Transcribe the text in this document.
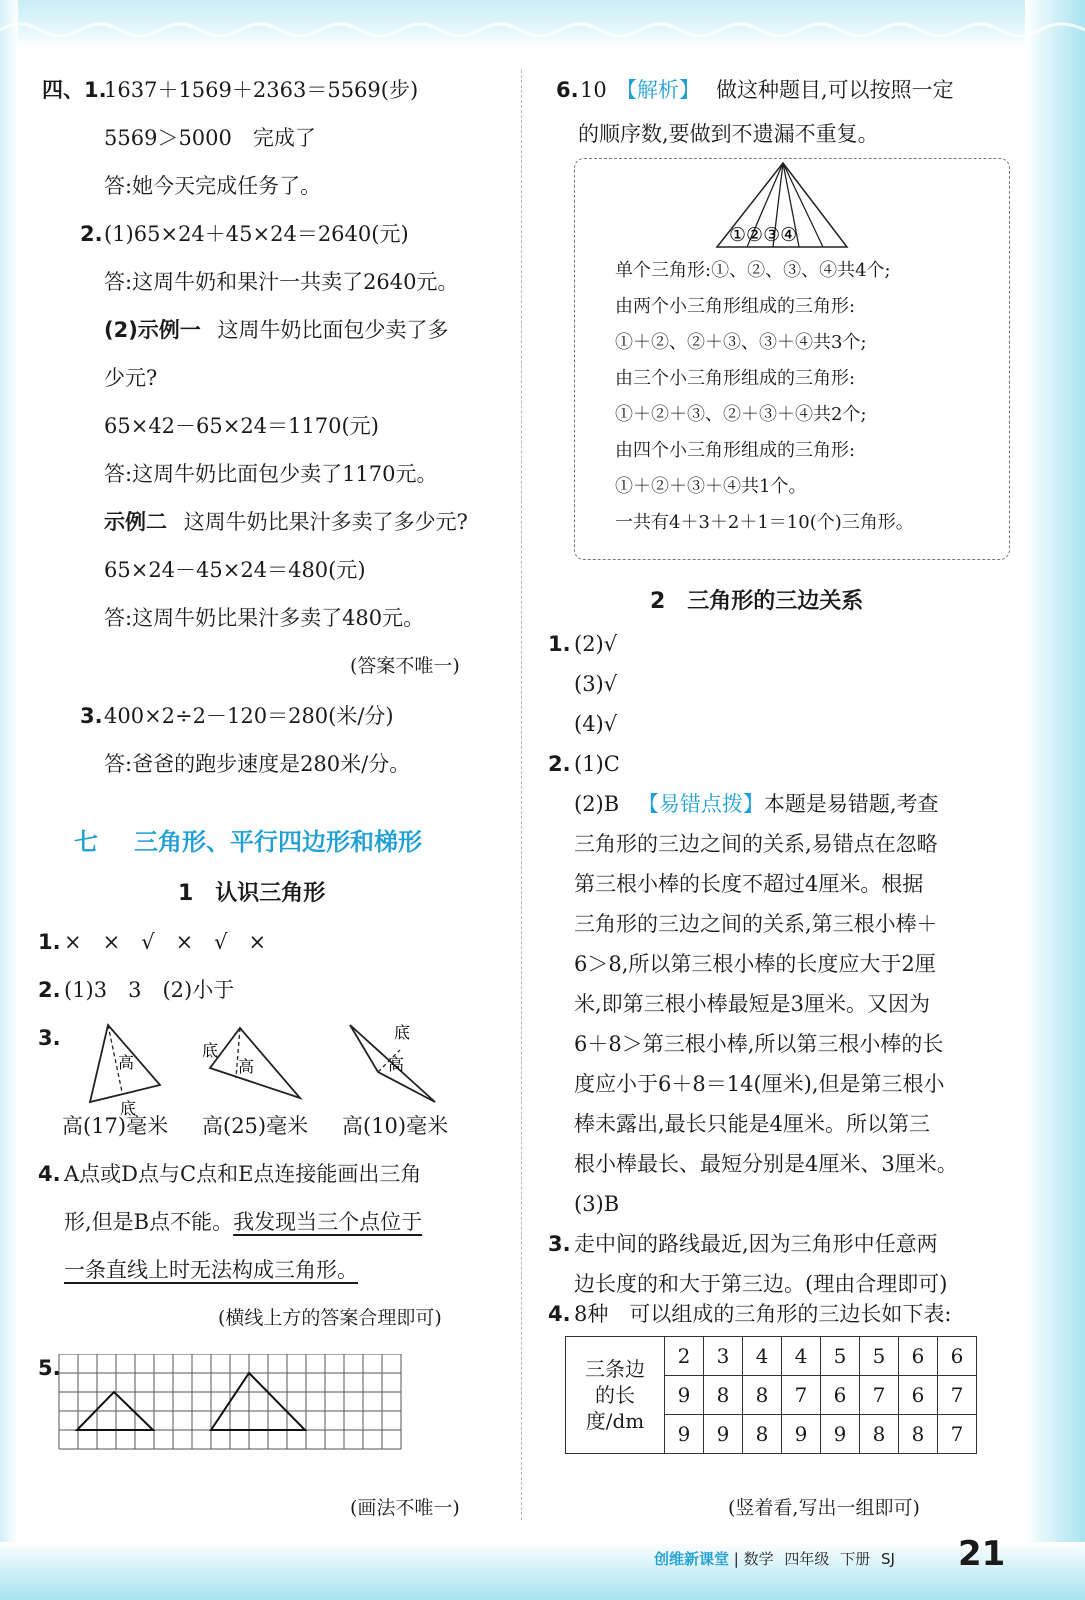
四、1.
1637＋1569＋2363＝5569(步)
5569＞5000　完成了
答:她今天完成任务了。
2. (1)65×24＋45×24＝2640(元)
答:这周牛奶和果汁一共卖了2640元。
(2)示例一 这周牛奶比面包少卖了多
少元?
65×42－65×24＝1170(元)
答:这周牛奶比面包少卖了1170元。
示例二 这周牛奶比果汁多卖了多少元?
65×24－45×24＝480(元)
答:这周牛奶比果汁多卖了480元。
(答案不唯一)
3. 400×2÷2－120＝280(米/分)
答:爸爸的跑步速度是280米/分。
七 三角形、平行四边形和梯形
1　认识三角形
1. ×　×　√　×　√　×
2. (1)3　3　(2)小于
3.
高
底
高
底
高
底
高(17)毫米 高(25)毫米 高(10)毫米
4. A点或D点与C点和E点连接能画出三角
形,但是B点不能。我发现当三个点位于
一条直线上时无法构成三角形。
(横线上方的答案合理即可)
5.
(画法不唯一)
6. 10 【解析】 做这种题目,可以按照一定
的顺序数,要做到不遗漏不重复。
①②③④
单个三角形:①、②、③、④共4个;
由两个小三角形组成的三角形:
①＋②、②＋③、③＋④共3个;
由三个小三角形组成的三角形:
①＋②＋③、②＋③＋④共2个;
由四个小三角形组成的三角形:
①＋②＋③＋④共1个。
一共有4＋3＋2＋1＝10(个)三角形。
2　三角形的三边关系
1. (2)√
(3)√
(4)√
2. (1)C
(2)B 【易错点拨】本题是易错题,考查
三角形的三边之间的关系,易错点在忽略
第三根小棒的长度不超过4厘米。根据
三角形的三边之间的关系,第三根小棒＋
6＞8,所以第三根小棒的长度应大于2厘
米,即第三根小棒最短是3厘米。又因为
6＋8＞第三根小棒,所以第三根小棒的长
度应小于6＋8＝14(厘米),但是第三根小
棒未露出,最长只能是4厘米。所以第三
根小棒最长、最短分别是4厘米、3厘米。
(3)B
3. 走中间的路线最近,因为三角形中任意两
边长度的和大于第三边。(理由合理即可)
4. 8种　可以组成的三角形的三边长如下表:
三条边
的长
度/dm	2	3	4	4	5	5	6	6
	9	8	8	7	6	7	6	7
	9	9	8	9	9	8	8	7
(竖着看,写出一组即可)
创维新课堂 | 数学 四年级 下册 SJ 21
